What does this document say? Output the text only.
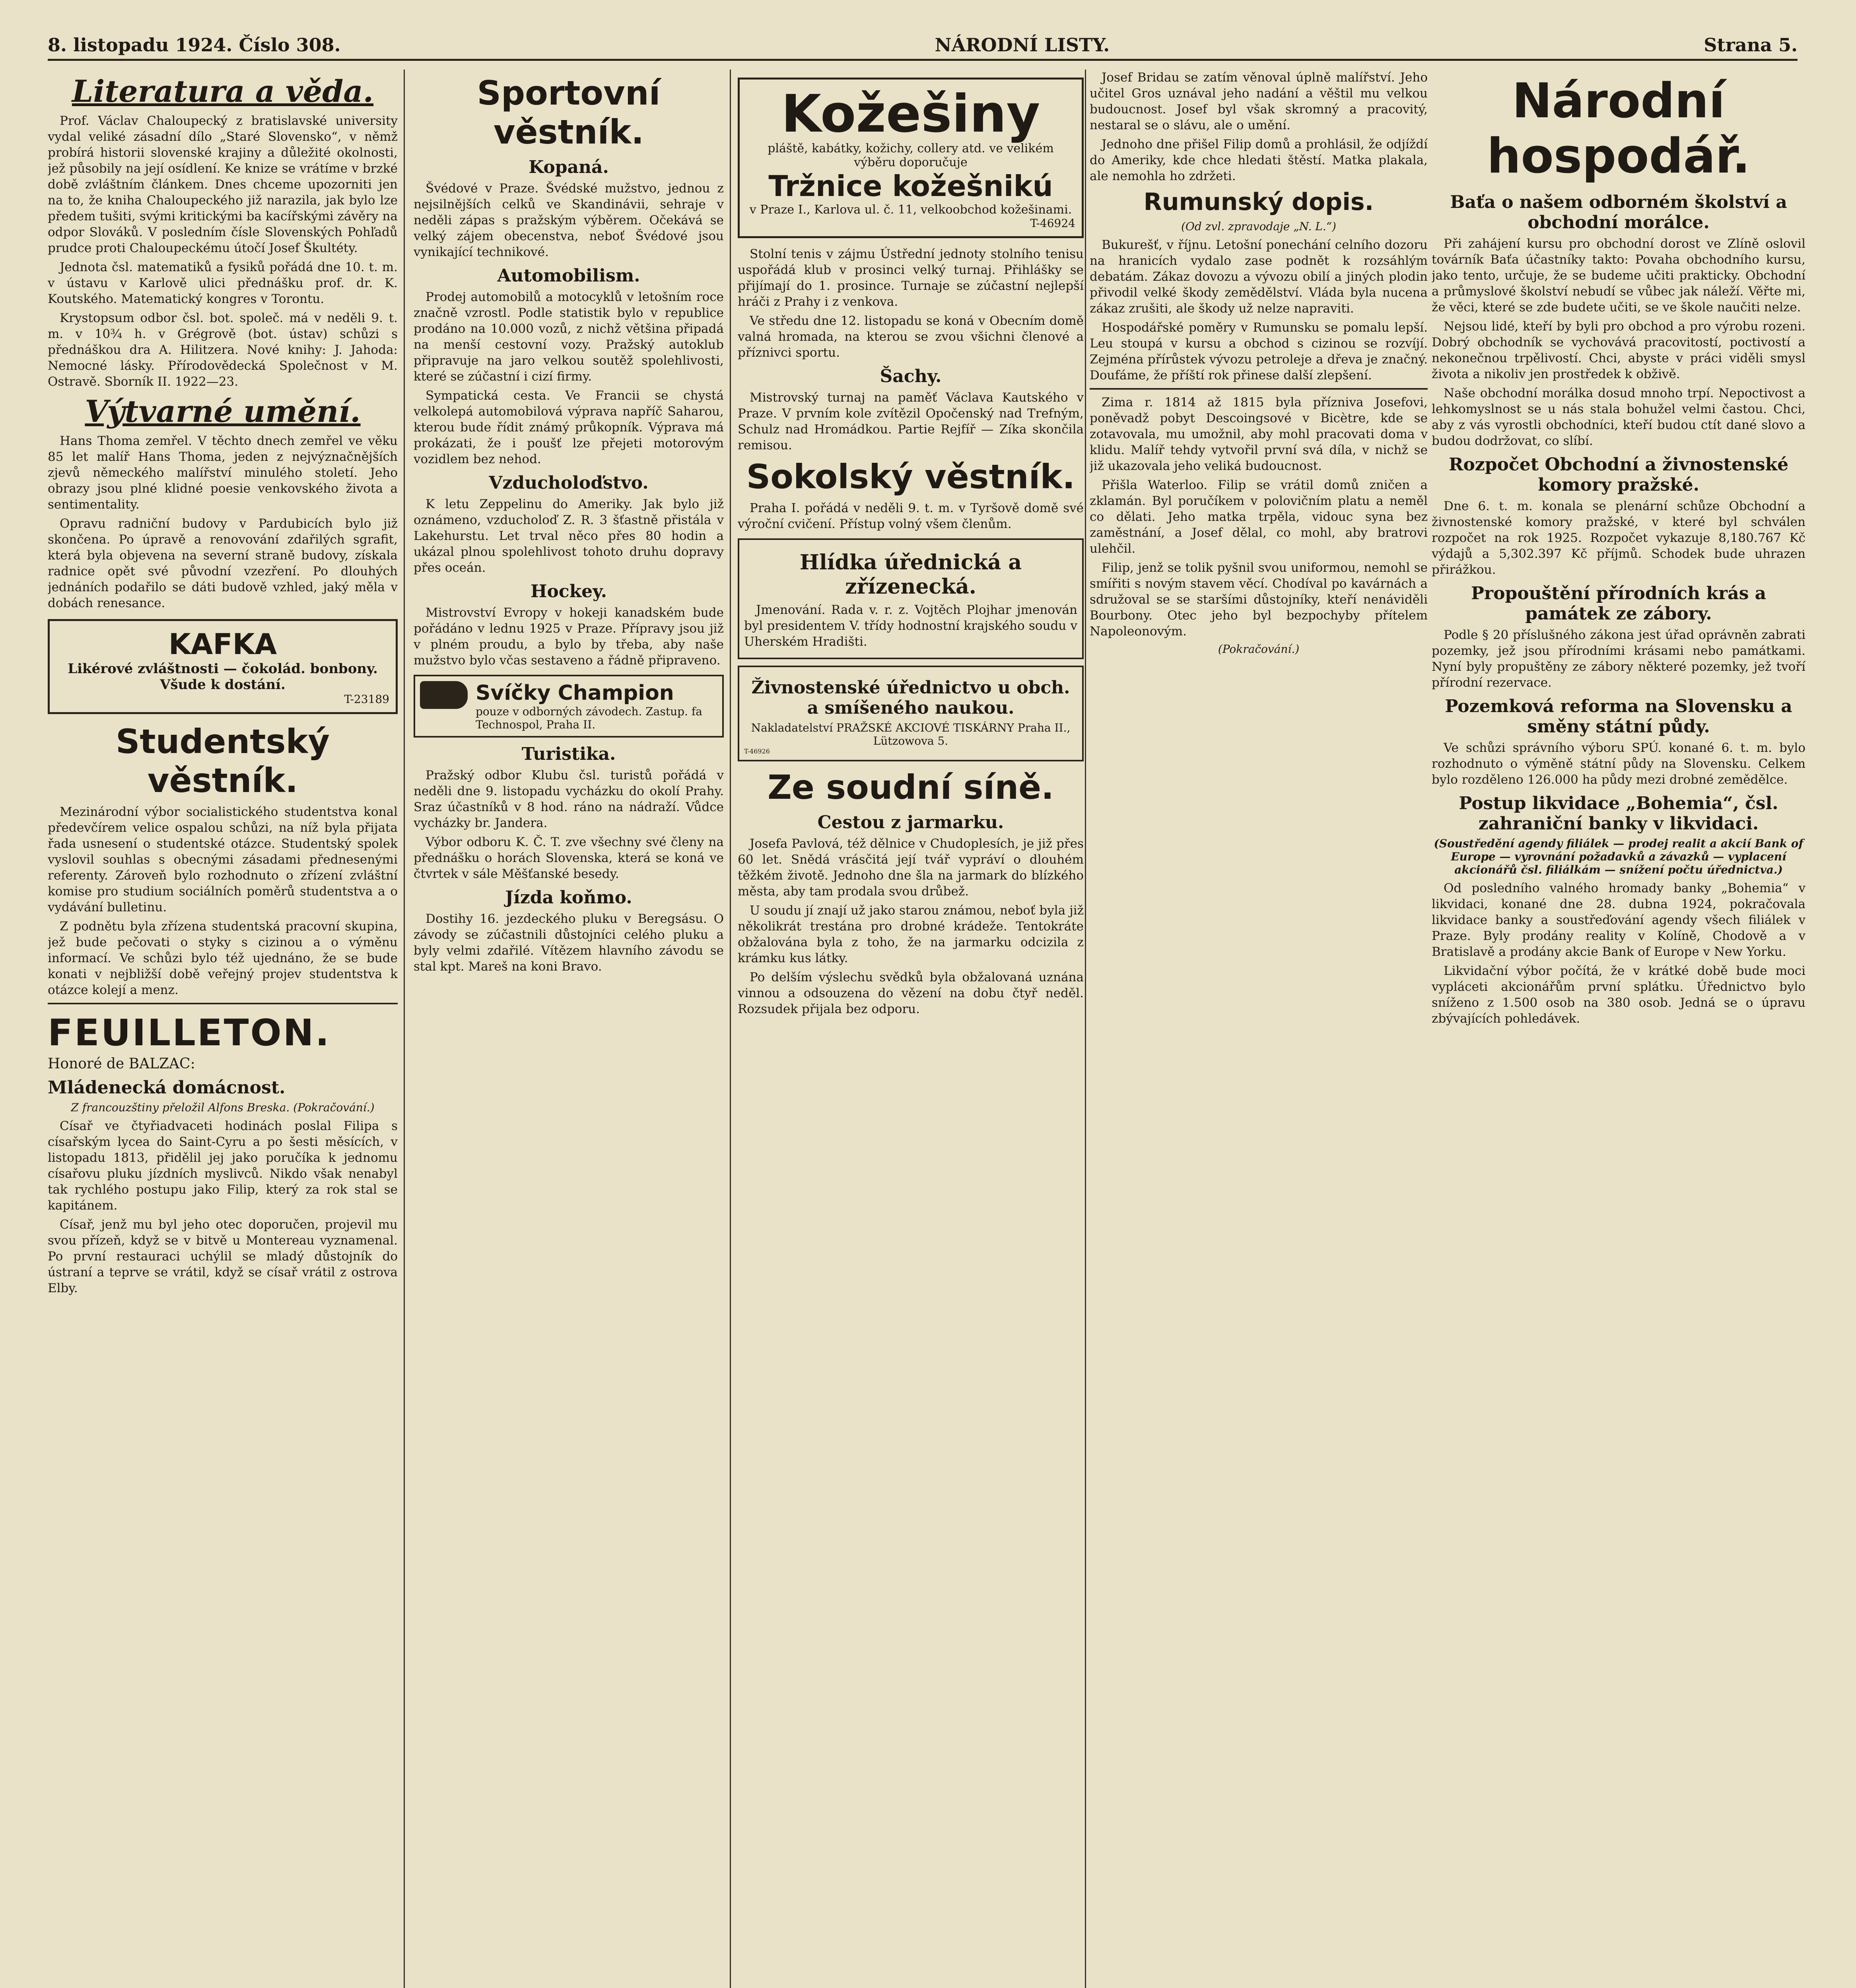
8. listopadu 1924. Číslo 308.	NÁRODNÍ LISTY.	Strana 5.
Literatura a věda.

Prof. Václav Chaloupecký z bratislavské university vydal veliké zásadní dílo „Staré Slovensko“, v němž probírá historii slovenské krajiny a důležité okolnosti, jež působily na její osídlení. Ke knize se vrátíme v brzké době zvláštním článkem. Dnes chceme upozorniti jen na to, že kniha Chaloupeckého již narazila, jak bylo lze předem tušiti, svými kritickými ba kacířskými závěry na odpor Slováků. V posledním čísle Slovenských Pohľadů prudce proti Chaloupeckému útočí Josef Škultéty.

Jednota čsl. matematiků a fysiků pořádá dne 10. t. m. v ústavu v Karlově ulici přednášku prof. dr. K. Koutského. Matematický kongres v Torontu.

Krystopsum odbor čsl. bot. společ. má v neděli 9. t. m. v 10¾ h. v Grégrově (bot. ústav) schůzi s přednáškou dra A. Hilitzera. Nové knihy: J. Jahoda: Nemocné lásky. Přírodovědecká Společnost v M. Ostravě. Sborník II. 1922—23.

Výtvarné umění.

Hans Thoma zemřel. V těchto dnech zemřel ve věku 85 let malíř Hans Thoma, jeden z nejvýznačnějších zjevů německého malířství minulého století. Jeho obrazy jsou plné klidné poesie venkovského života a sentimentality.

Opravu radniční budovy v Pardubicích bylo již skončena. Po úpravě a renovování zdařilých sgrafit, která byla objevena na severní straně budovy, získala radnice opět své původní vzezření. Po dlouhých jednáních podařilo se dáti budově vzhled, jaký měla v dobách renesance.

KAFKA
Likérové zvláštnosti — čokolád. bonbony. Všude k dostání.
T-23189
Studentský věstník.

Mezinárodní výbor socialistického studentstva konal předevčírem velice ospalou schůzi, na níž byla přijata řada usnesení o studentské otázce. Studentský spolek vyslovil souhlas s obecnými zásadami přednesenými referenty. Zároveň bylo rozhodnuto o zřízení zvláštní komise pro studium sociálních poměrů studentstva a o vydávání bulletinu.

Z podnětu byla zřízena studentská pracovní skupina, jež bude pečovati o styky s cizinou a o výměnu informací. Ve schůzi bylo též ujednáno, že se bude konati v nejbližší době veřejný projev studentstva k otázce kolejí a menz.

FEUILLETON.
Honoré de BALZAC:
Mládenecká domácnost.
Z francouzštiny přeložil Alfons Breska. (Pokračování.)

Císař ve čtyřiadvaceti hodinách poslal Filipa s císařským lycea do Saint-Cyru a po šesti měsících, v listopadu 1813, přidělil jej jako poručíka k jednomu císařovu pluku jízdních myslivců. Nikdo však nenabyl tak rychlého postupu jako Filip, který za rok stal se kapitánem.

Císař, jenž mu byl jeho otec doporučen, projevil mu svou přízeň, když se v bitvě u Montereau vyznamenal. Po první restauraci uchýlil se mladý důstojník do ústraní a teprve se vrátil, když se císař vrátil z ostrova Elby.

Sportovní věstník.
Kopaná.

Švédové v Praze. Švédské mužstvo, jednou z nejsilnějších celků ve Skandinávii, sehraje v neděli zápas s pražským výběrem. Očekává se velký zájem obecenstva, neboť Švédové jsou vynikající technikové.

Automobilism.

Prodej automobilů a motocyklů v letošním roce značně vzrostl. Podle statistik bylo v republice prodáno na 10.000 vozů, z nichž většina připadá na menší cestovní vozy. Pražský autoklub připravuje na jaro velkou soutěž spolehlivosti, které se zúčastní i cizí firmy.

Sympatická cesta. Ve Francii se chystá velkolepá automobilová výprava napříč Saharou, kterou bude řídit známý průkopník. Výprava má prokázati, že i poušť lze přejeti motorovým vozidlem bez nehod.

Vzducholoďstvo.

K letu Zeppelinu do Ameriky. Jak bylo již oznámeno, vzducholoď Z. R. 3 šťastně přistála v Lakehurstu. Let trval něco přes 80 hodin a ukázal plnou spolehlivost tohoto druhu dopravy přes oceán.

Hockey.

Mistrovství Evropy v hokeji kanadském bude pořádáno v lednu 1925 v Praze. Přípravy jsou již v plném proudu, a bylo by třeba, aby naše mužstvo bylo včas sestaveno a řádně připraveno.

Svíčky Champion
pouze v odborných závodech. Zastup. fa Technospol, Praha II.
Turistika.

Pražský odbor Klubu čsl. turistů pořádá v neděli dne 9. listopadu vycházku do okolí Prahy. Sraz účastníků v 8 hod. ráno na nádraží. Vůdce vycházky br. Jandera.

Výbor odboru K. Č. T. zve všechny své členy na přednášku o horách Slovenska, která se koná ve čtvrtek v sále Měšťanské besedy.

Jízda koňmo.

Dostihy 16. jezdeckého pluku v Beregsásu. O závody se zúčastnili důstojníci celého pluku a byly velmi zdařilé. Vítězem hlavního závodu se stal kpt. Mareš na koni Bravo.

Kožešiny
pláště, kabátky, kožichy, collery atd. ve velikém výběru doporučuje
Tržnice kožešnikú
v Praze I., Karlova ul. č. 11, velkoobchod kožešinami.
T-46924

Stolní tenis v zájmu Ústřední jednoty stolního tenisu uspořádá klub v prosinci velký turnaj. Přihlášky se přijímají do 1. prosince. Turnaje se zúčastní nejlepší hráči z Prahy i z venkova.

Ve středu dne 12. listopadu se koná v Obecním domě valná hromada, na kterou se zvou všichni členové a příznivci sportu.

Šachy.

Mistrovský turnaj na paměť Václava Kautského v Praze. V prvním kole zvítězil Opočenský nad Trefným, Schulz nad Hromádkou. Partie Rejfíř — Zíka skončila remisou.

Sokolský věstník.

Praha I. pořádá v neděli 9. t. m. v Tyršově domě své výroční cvičení. Přístup volný všem členům.

Hlídka úřednická a zřízenecká.

Jmenování. Rada v. r. z. Vojtěch Plojhar jmenován byl presidentem V. třídy hodnostní krajského soudu v Uherském Hradišti.

Živnostenské úřednictvo u obch. a smíšeného naukou.
Nakladatelství PRAŽSKÉ AKCIOVÉ TISKÁRNY Praha II., Lützowova 5.
T-46926
Ze soudní síně.
Cestou z jarmarku.

Josefa Pavlová, též dělnice v Chudoplesích, je již přes 60 let. Snědá vrásčitá její tvář vypráví o dlouhém těžkém životě. Jednoho dne šla na jarmark do blízkého města, aby tam prodala svou drůbež.

U soudu jí znají už jako starou známou, neboť byla již několikrát trestána pro drobné krádeže. Tentokráte obžalována byla z toho, že na jarmarku odcizila z krámku kus látky.

Po delším výslechu svědků byla obžalovaná uznána vinnou a odsouzena do vězení na dobu čtyř neděl. Rozsudek přijala bez odporu.

Josef Bridau se zatím věnoval úplně malířství. Jeho učitel Gros uznával jeho nadání a věštil mu velkou budoucnost. Josef byl však skromný a pracovitý, nestaral se o slávu, ale o umění.

Jednoho dne přišel Filip domů a prohlásil, že odjíždí do Ameriky, kde chce hledati štěstí. Matka plakala, ale nemohla ho zdržeti.

Rumunský dopis.
(Od zvl. zpravodaje „N. L.“)

Bukurešť, v říjnu. Letošní ponechání celního dozoru na hranicích vydalo zase podnět k rozsáhlým debatám. Zákaz dovozu a vývozu obilí a jiných plodin přivodil velké škody zemědělství. Vláda byla nucena zákaz zrušiti, ale škody už nelze napraviti.

Hospodářské poměry v Rumunsku se pomalu lepší. Leu stoupá v kursu a obchod s cizinou se rozvíjí. Zejména přírůstek vývozu petroleje a dřeva je značný. Doufáme, že příští rok přinese další zlepšení.

Zima r. 1814 až 1815 byla přízniva Josefovi, poněvadž pobyt Descoingsové v Bicètre, kde se zotavovala, mu umožnil, aby mohl pracovati doma v klidu. Malíř tehdy vytvořil první svá díla, v nichž se již ukazovala jeho veliká budoucnost.

Přišla Waterloo. Filip se vrátil domů zničen a zklamán. Byl poručíkem v polovičním platu a neměl co dělati. Jeho matka trpěla, vidouc syna bez zaměstnání, a Josef dělal, co mohl, aby bratrovi ulehčil.

Filip, jenž se tolik pyšnil svou uniformou, nemohl se smířiti s novým stavem věcí. Chodíval po kavárnách a sdružoval se se staršími důstojníky, kteří nenáviděli Bourbony. Otec jeho byl bezpochyby přítelem Napoleonovým.

(Pokračování.)
Národní hospodář.
Baťa o našem odborném školství a obchodní morálce.

Při zahájení kursu pro obchodní dorost ve Zlíně oslovil továrník Baťa účastníky takto: Povaha obchodního kursu, jako tento, určuje, že se budeme učiti prakticky. Obchodní a průmyslové školství nebudí se vůbec jak náleží. Věřte mi, že věci, které se zde budete učiti, se ve škole naučiti nelze.

Nejsou lidé, kteří by byli pro obchod a pro výrobu rozeni. Dobrý obchodník se vychovává pracovitostí, poctivostí a nekonečnou trpělivostí. Chci, abyste v práci viděli smysl života a nikoliv jen prostředek k obživě.

Naše obchodní morálka dosud mnoho trpí. Nepoctivost a lehkomyslnost se u nás stala bohužel velmi častou. Chci, aby z vás vyrostli obchodníci, kteří budou ctít dané slovo a budou dodržovat, co slíbí.

Rozpočet Obchodní a živnostenské komory pražské.

Dne 6. t. m. konala se plenární schůze Obchodní a živnostenské komory pražské, v které byl schválen rozpočet na rok 1925. Rozpočet vykazuje 8,180.767 Kč výdajů a 5,302.397 Kč příjmů. Schodek bude uhrazen přirážkou.

Propouštění přírodních krás a památek ze zábory.

Podle § 20 příslušného zákona jest úřad oprávněn zabrati pozemky, jež jsou přírodními krásami nebo památkami. Nyní byly propuštěny ze zábory některé pozemky, jež tvoří přírodní rezervace.

Pozemková reforma na Slovensku a směny státní půdy.

Ve schůzi správního výboru SPÚ. konané 6. t. m. bylo rozhodnuto o výměně státní půdy na Slovensku. Celkem bylo rozděleno 126.000 ha půdy mezi drobné zemědělce.

Postup likvidace „Bohemia“, čsl. zahraniční banky v likvidaci.
(Soustředění agendy filiálek — prodej realit a akcií Bank of Europe — vyrovnání požadavků a závazků — vyplacení akcionářů čsl. filiálkám — snížení počtu úřednictva.)

Od posledního valného hromady banky „Bohemia“ v likvidaci, konané dne 28. dubna 1924, pokračovala likvidace banky a soustřeďování agendy všech filiálek v Praze. Byly prodány reality v Kolíně, Chodově a v Bratislavě a prodány akcie Bank of Europe v New Yorku.

Likvidační výbor počítá, že v krátké době bude moci vypláceti akcionářům první splátku. Úřednictvo bylo sníženo z 1.500 osob na 380 osob. Jedná se o úpravu zbývajících pohledávek.
